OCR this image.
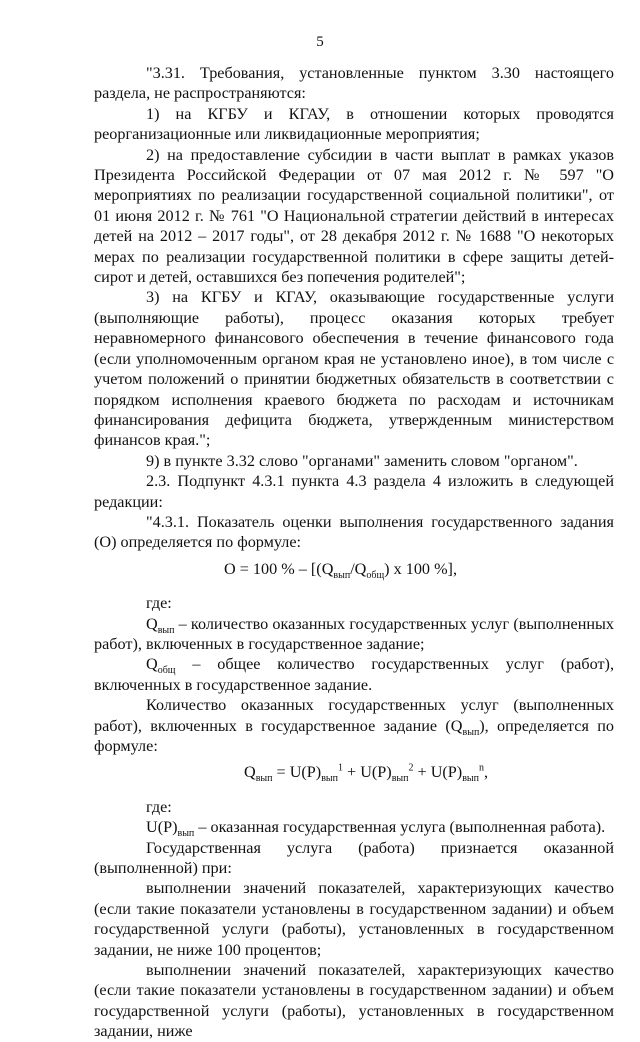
5

"3.31. Требования, установленные пунктом 3.30 настоящего раздела, не распространяются:

1) на КГБУ и КГАУ, в отношении которых проводятся реорганизационные или ликвидационные мероприятия;

2) на предоставление субсидии в части выплат в рамках указов Президента Российской Федерации от 07 мая 2012 г. № 597 "О мероприятиях по реализации государственной социальной политики", от 01 июня 2012 г. № 761 "О Национальной стратегии действий в интересах детей на 2012 – 2017 годы", от 28 декабря 2012 г. № 1688 "О некоторых мерах по реализации государственной политики в сфере защиты детей-сирот и детей, оставшихся без попечения родителей";

3) на КГБУ и КГАУ, оказывающие государственные услуги (выполняющие работы), процесс оказания которых требует неравномерного финансового обеспечения в течение финансового года (если уполномоченным органом края не установлено иное), в том числе с учетом положений о принятии бюджетных обязательств в соответствии с порядком исполнения краевого бюджета по расходам и источникам финансирования дефицита бюджета, утвержденным министерством финансов края.";

9) в пункте 3.32 слово "органами" заменить словом "органом".

2.3. Подпункт 4.3.1 пункта 4.3 раздела 4 изложить в следующей редакции:

"4.3.1. Показатель оценки выполнения государственного задания (О) определяется по формуле:

О = 100 % – [$(Q_{вып}/Q_{общ})$ х 100 %],

где:

$Q_{вып}$ – количество оказанных государственных услуг (выполненных работ), включенных в государственное задание;

$Q_{общ}$ – общее количество государственных услуг (работ), включенных в государственное задание.

Количество оказанных государственных услуг (выполненных работ), включенных в государственное задание $(Q_{вып})$, определяется по формуле:

$Q_{вып} = U(P)_{вып}^1 + U(P)_{вып}^2 + U(P)_{вып}^n$,

где:

$U(P)_{вып}$ – оказанная государственная услуга (выполненная работа).

Государственная услуга (работа) признается оказанной (выполненной) при:

выполнении значений показателей, характеризующих качество (если такие показатели установлены в государственном задании) и объем государственной услуги (работы), установленных в государственном задании, не ниже 100 процентов;

выполнении значений показателей, характеризующих качество (если такие показатели установлены в государственном задании) и объем государственной услуги (работы), установленных в государственном задании, ниже
